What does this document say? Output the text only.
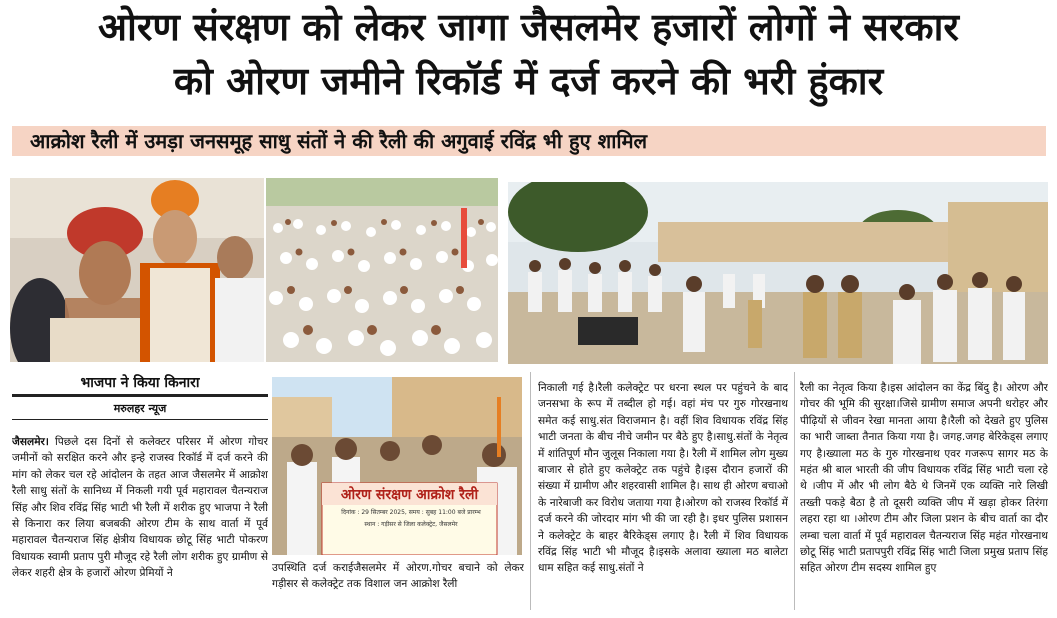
ओरण संरक्षण को लेकर जागा जैसलमेर हजारों लोगों ने सरकार
को ओरण जमीने रिकॉर्ड में दर्ज करने की भरी हुंकार
आक्रोश रैली में उमड़ा जनसमूह साधु संतों ने की रैली की अगुवाई रविंद्र भी हुए शामिल
ओरण संरक्षण आक्रोश रैली
दिनांक : 29 सितम्बर 2025, समय : सुबह 11:00 बजे प्रारम्भ
स्थान : गड़ीसर से जिला कलेक्ट्रेट, जैसलमेर
भाजपा ने किया किनारा
मरुलहर न्यूज
जैसलमेर। पिछले दस दिनों से कलेक्टर परिसर में ओरण गोचर जमीनों को सरक्षित करने और इन्हे राजस्व रिकॉर्ड में दर्ज करने की मांग को लेकर चल रहे आंदोलन के तहत आज जैसलमेर में आक्रोश रैली साधु संतों के सानिध्य में निकली गयी पूर्व महारावल चैतन्यराज सिंह और शिव रविंद्र सिंह भाटी भी रैली में शरीक हुए भाजपा ने रैली से किनारा कर लिया बजबकी ओरण टीम के साथ वार्ता में पूर्व महारावल चैतन्यराज सिंह क्षेत्रीय विधायक छोटू सिंह भाटी पोकरण विधायक स्वामी प्रताप पुरी मौजूद रहे रैली लोग शरीक हुए ग्रामीण से लेकर शहरी क्षेत्र के हजारों ओरण प्रेमियों ने	उपस्थिति दर्ज कराईजैसलमेर में ओरण.गोचर बचाने को लेकर गड़ीसर से कलेक्ट्रेट तक विशाल जन आक्रोश रैली
निकाली गई है।रैली कलेक्ट्रेट पर धरना स्थल पर पहुंचने के बाद जनसभा के रूप में तब्दील हो गई। वहां मंच पर गुरु गोरखनाथ समेत कई साधु.संत विराजमान है। वहीं शिव विधायक रविंद्र सिंह भाटी जनता के बीच नीचे जमीन पर बैठे हुए है।साधु.संतों के नेतृत्व में शांतिपूर्ण मौन जुलूस निकाला गया है। रैली में शामिल लोग मुख्य बाजार से होते हुए कलेक्ट्रेट तक पहुंचे है।इस दौरान हजारों की संख्या में ग्रामीण और शहरवासी शामिल है। साथ ही ओरण बचाओ के नारेबाजी कर विरोध जताया गया है।ओरण को राजस्व रिकॉर्ड में दर्ज करने की जोरदार मांग भी की जा रही है। इधर पुलिस प्रशासन ने कलेक्ट्रेट के बाहर बैरिकेड्स लगाए है। रैली में शिव विधायक रविंद्र सिंह भाटी भी मौजूद है।इसके अलावा ख्याला मठ बालेटा धाम सहित कई साधु.संतों ने
रैली का नेतृत्व किया है।इस आंदोलन का केंद्र बिंदु है। ओरण और गोचर की भूमि की सुरक्षा।जिसे ग्रामीण समाज अपनी धरोहर और पीढ़ियों से जीवन रेखा मानता आया है।रैली को देखते हुए पुलिस का भारी जाब्ता तैनात किया गया है। जगह.जगह बेरिकेड्स लगाए गए है।ख्याला मठ के गुरु गोरखनाथ एवर गजरूप सागर मठ के महंत श्री बाल भारती की जीप विधायक रविंद्र सिंह भाटी चला रहे थे ।जीप में और भी लोग बैठे थे जिनमें एक व्यक्ति नारे लिखी तख्ती पकड़े बैठा है तो दूसरी व्यक्ति जीप में खड़ा होकर तिरंगा लहरा रहा था ।ओरण टीम और जिला प्रशन के बीच वार्ता का दौर लम्बा चला वार्ता में पूर्व महारावल चैतन्यराज सिंह महंत गोरखनाथ छोटू सिंह भाटी प्रतापपुरी रविंद्र सिंह भाटी जिला प्रमुख प्रताप सिंह सहित ओरण टीम सदस्य शामिल हुए
